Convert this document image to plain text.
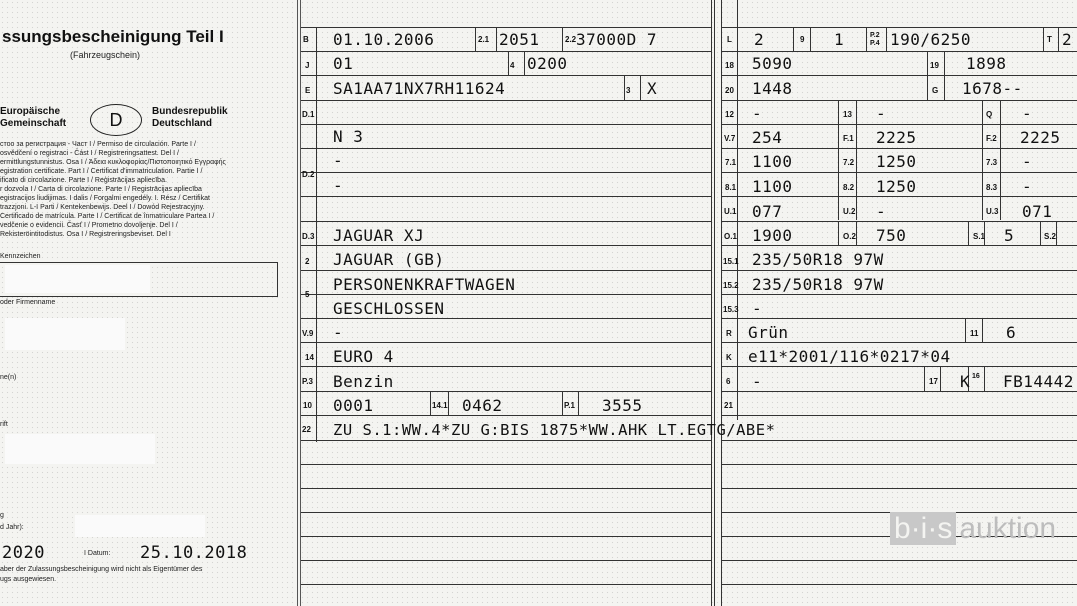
ssungsbescheinigung Teil I
(Fahrzeugschein)
Europäische
Gemeinschaft	D	Bundesrepublik
Deutschland
стоо за регистрация - Част I / Permiso de circulación. Parte I /
osvědčení o registraci - Část I / Registreringsattest. Del I /
ermittlungstunnistus. Osa I / Άδεια κυκλοφορίας/Πιστοποιητικό Εγγραφής
egistration certificate. Part I / Certificat d'immatriculation. Partie I /
ificato di circolazione. Parte I / Reģistrācijas apliecība.
r dozvola I / Carta di circolazione. Parte I / Registrācijas apliecība
egistracijos liudijimas. I dalis / Forgalmi engedély. I. Rész / Certifikat
trazzjoni. L-I Parti / Kentekenbewijs. Deel I / Dowód Rejestracyjny.
Certificado de matrícula. Parte I / Certificat de înmatriculare Partea I /
vedčenie o evidencii. Časť I / Prometno dovoljenje. Del I /
Rekisteröintitodistus. Osa I / Registreringsbeviset. Del I
Kennzeichen
oder Firmenname
ne(n)
rift
g
d Jahr):
2020	I Datum: 25.10.2018
aber der Zulassungsbescheinigung wird nicht als Eigentümer des
ugs ausgewiesen.
B 01.10.2006	2.1 2051	2.2 37000D 7
J 01	4 0200
E SA1AA71NX7RH11624	3 X
D.1
D.2
N 3
-
-
D.3 JAGUAR XJ
2 JAGUAR (GB)
5
PERSONENKRAFTWAGEN
GESCHLOSSEN
V.9 -
14 EURO 4
P.3 Benzin
10 0001	14.1 0462	P.1 3555
22 ZU S.1:WW.4*ZU G:BIS 1875*WW.AHK LT.EGTG/ABE*
L 2	9 1	P.2 P.4 190/6250	T 2
18 5090	19 1898
20 1448	G 1678--
12 -	13 -	Q -
V.7 254	F.1 2225	F.2 2225
7.1 1100	7.2 1250	7.3 -
8.1 1100	8.2 1250	8.3 -
U.1 077	U.2 -	U.3 071
O.1 1900	O.2 750	S.1 5	S.2
15.1 235/50R18 97W
15.2 235/50R18 97W
15.3 -
R Grün	11 6
K e11*2001/116*0217*04
6 -	17 K 16 FB14442
21
b·i·s auktion
